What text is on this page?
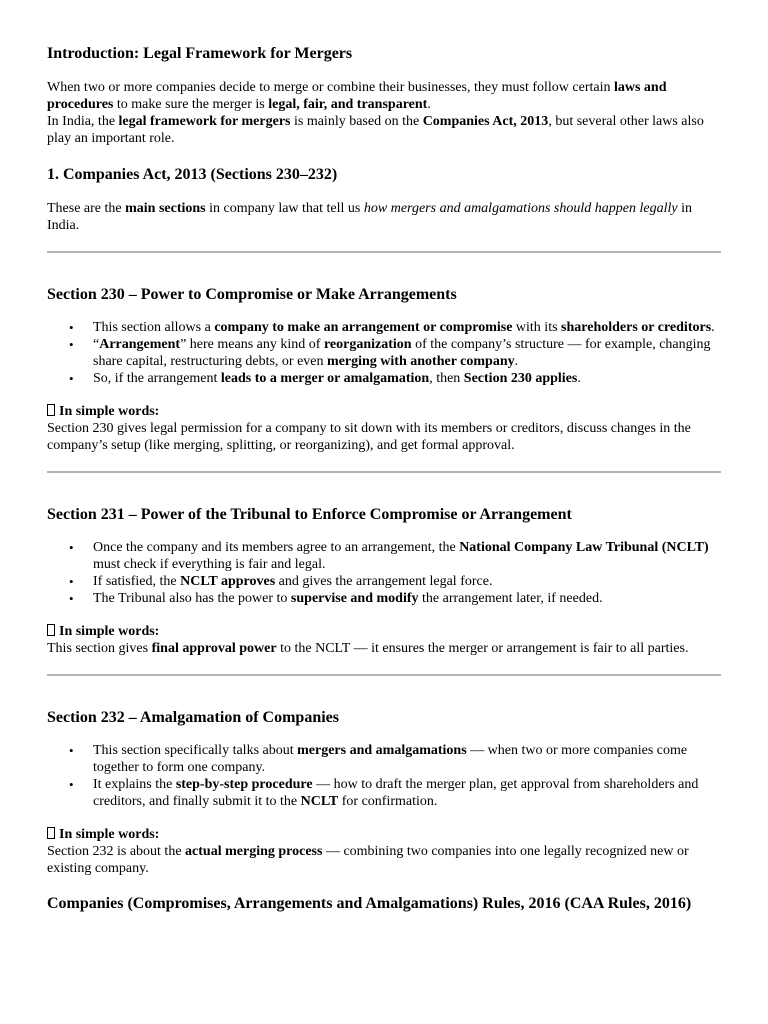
Introduction: Legal Framework for Mergers

When two or more companies decide to merge or combine their businesses, they must follow certain laws and procedures to make sure the merger is legal, fair, and transparent.

In India, the legal framework for mergers is mainly based on the Companies Act, 2013, but several other laws also play an important role.

1. Companies Act, 2013 (Sections 230–232)

These are the main sections in company law that tell us how mergers and amalgamations should happen legally in India.

Section 230 – Power to Compromise or Make Arrangements
• This section allows a company to make an arrangement or compromise with its shareholders or creditors.
• “Arrangement” here means any kind of reorganization of the company’s structure — for example, changing share capital, restructuring debts, or even merging with another company.
• So, if the arrangement leads to a merger or amalgamation, then Section 230 applies.

In simple words:

Section 230 gives legal permission for a company to sit down with its members or creditors, discuss changes in the company’s setup (like merging, splitting, or reorganizing), and get formal approval.

Section 231 – Power of the Tribunal to Enforce Compromise or Arrangement
• Once the company and its members agree to an arrangement, the National Company Law Tribunal (NCLT) must check if everything is fair and legal.
• If satisfied, the NCLT approves and gives the arrangement legal force.
• The Tribunal also has the power to supervise and modify the arrangement later, if needed.

In simple words:

This section gives final approval power to the NCLT — it ensures the merger or arrangement is fair to all parties.

Section 232 – Amalgamation of Companies
• This section specifically talks about mergers and amalgamations — when two or more companies come together to form one company.
• It explains the step-by-step procedure — how to draft the merger plan, get approval from shareholders and creditors, and finally submit it to the NCLT for confirmation.

In simple words:

Section 232 is about the actual merging process — combining two companies into one legally recognized new or existing company.

Companies (Compromises, Arrangements and Amalgamations) Rules, 2016 (CAA Rules, 2016)
